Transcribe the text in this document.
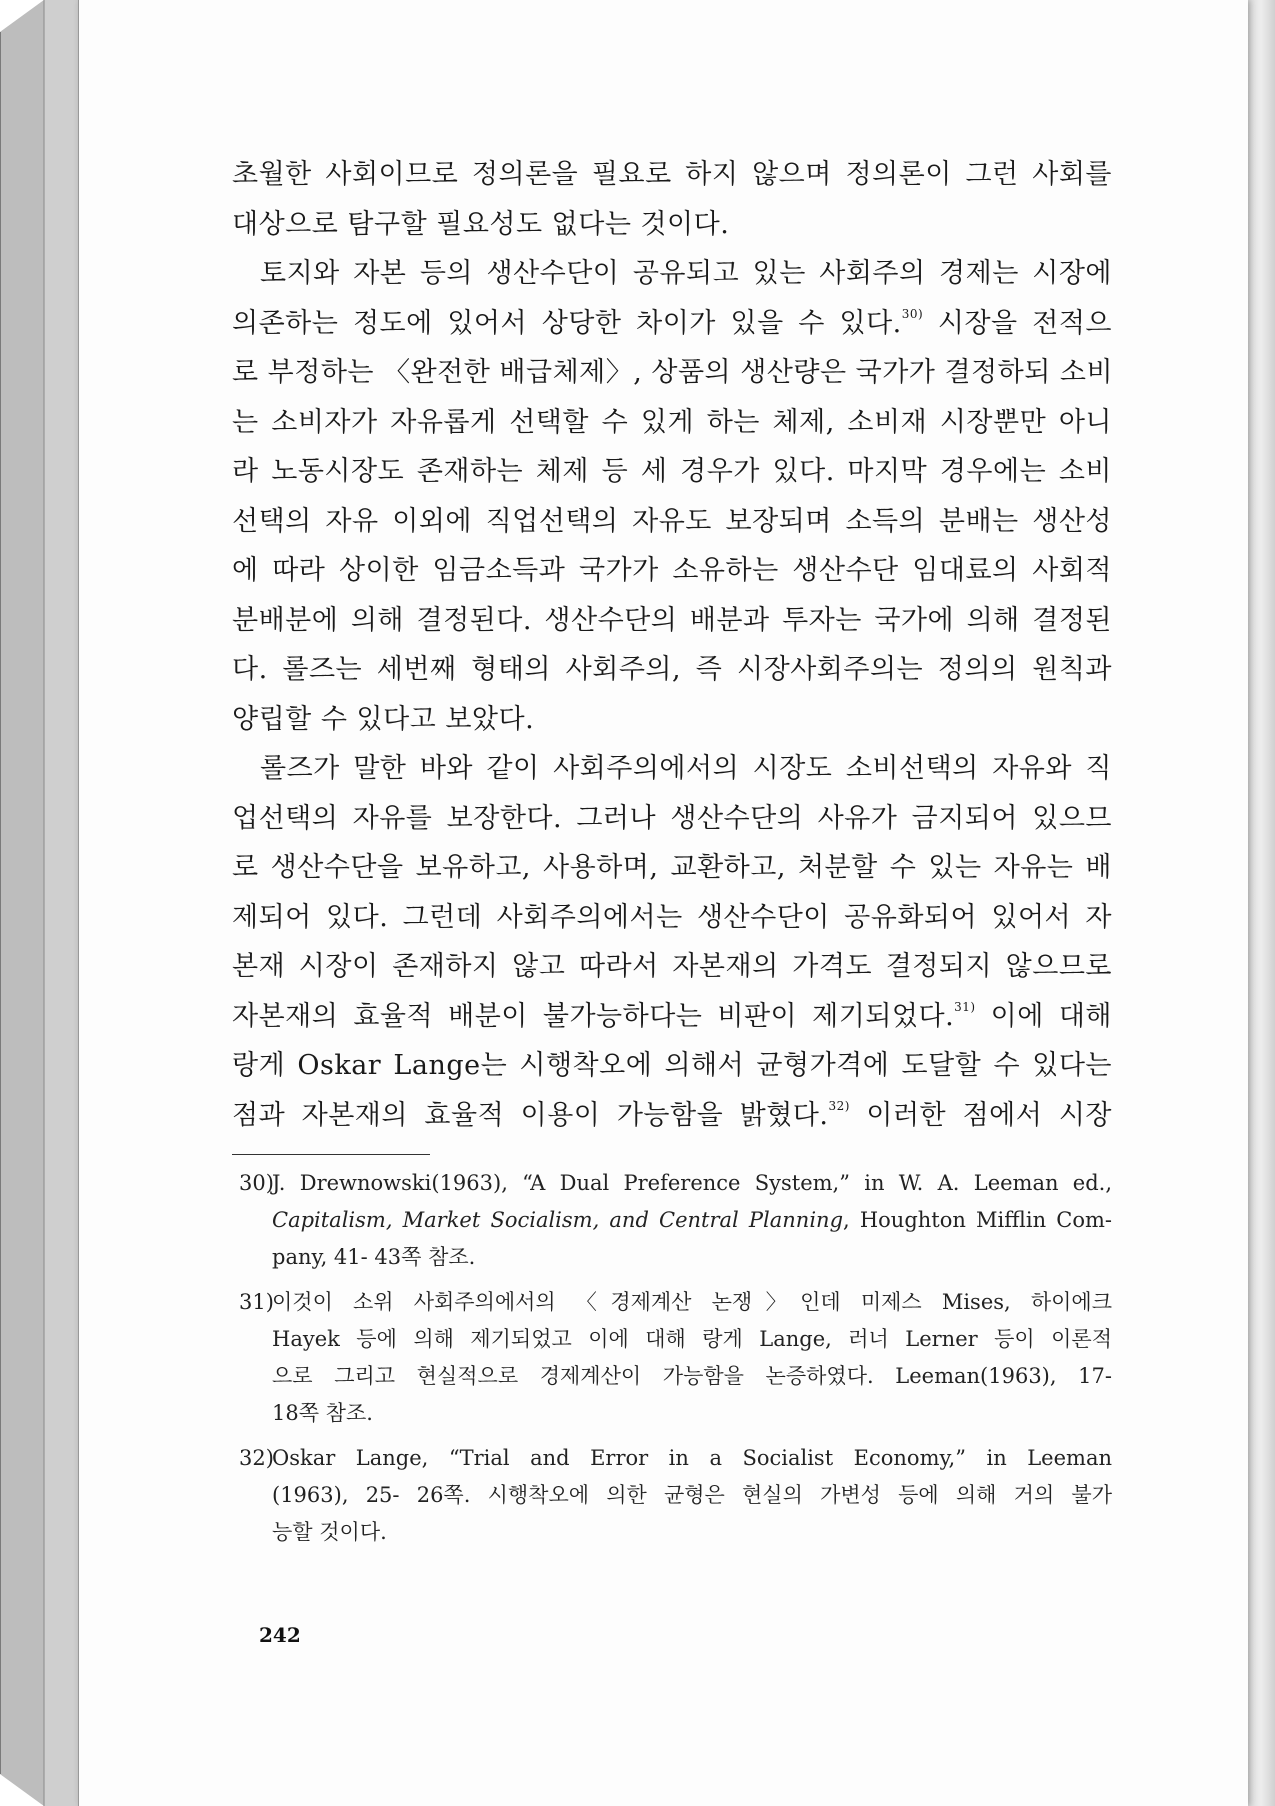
초월한 사회이므로 정의론을 필요로 하지 않으며 정의론이 그런 사회를
대상으로 탐구할 필요성도 없다는 것이다.

토지와 자본 등의 생산수단이 공유되고 있는 사회주의 경제는 시장에
의존하는 정도에 있어서 상당한 차이가 있을 수 있다.$^{30)}$ 시장을 전적으
로 부정하는 〈완전한 배급체제〉, 상품의 생산량은 국가가 결정하되 소비
는 소비자가 자유롭게 선택할 수 있게 하는 체제, 소비재 시장뿐만 아니
라 노동시장도 존재하는 체제 등 세 경우가 있다. 마지막 경우에는 소비
선택의 자유 이외에 직업선택의 자유도 보장되며 소득의 분배는 생산성
에 따라 상이한 임금소득과 국가가 소유하는 생산수단 임대료의 사회적
분배분에 의해 결정된다. 생산수단의 배분과 투자는 국가에 의해 결정된
다. 롤즈는 세번째 형태의 사회주의, 즉 시장사회주의는 정의의 원칙과
양립할 수 있다고 보았다.

롤즈가 말한 바와 같이 사회주의에서의 시장도 소비선택의 자유와 직
업선택의 자유를 보장한다. 그러나 생산수단의 사유가 금지되어 있으므
로 생산수단을 보유하고, 사용하며, 교환하고, 처분할 수 있는 자유는 배
제되어 있다. 그런데 사회주의에서는 생산수단이 공유화되어 있어서 자
본재 시장이 존재하지 않고 따라서 자본재의 가격도 결정되지 않으므로
자본재의 효율적 배분이 불가능하다는 비판이 제기되었다.$^{31)}$ 이에 대해
랑게 Oskar Lange는 시행착오에 의해서 균형가격에 도달할 수 있다는
점과 자본재의 효율적 이용이 가능함을 밝혔다.$^{32)}$ 이러한 점에서 시장

30)
J. Drewnowski(1963), “A Dual Preference System,” in W. A. Leeman ed.,
Capitalism, Market Socialism, and Central Planning, Houghton Mifflin Com-
pany, 41- 43쪽 참조.
31)
이것이 소위 사회주의에서의 〈경제계산 논쟁〉인데 미제스 Mises, 하이에크
Hayek 등에 의해 제기되었고 이에 대해 랑게 Lange, 러너 Lerner 등이 이론적
으로 그리고 현실적으로 경제계산이 가능함을 논증하였다. Leeman(1963), 17-
18쪽 참조.
32)
Oskar Lange, “Trial and Error in a Socialist Economy,” in Leeman
(1963), 25- 26쪽. 시행착오에 의한 균형은 현실의 가변성 등에 의해 거의 불가
능할 것이다.
242
